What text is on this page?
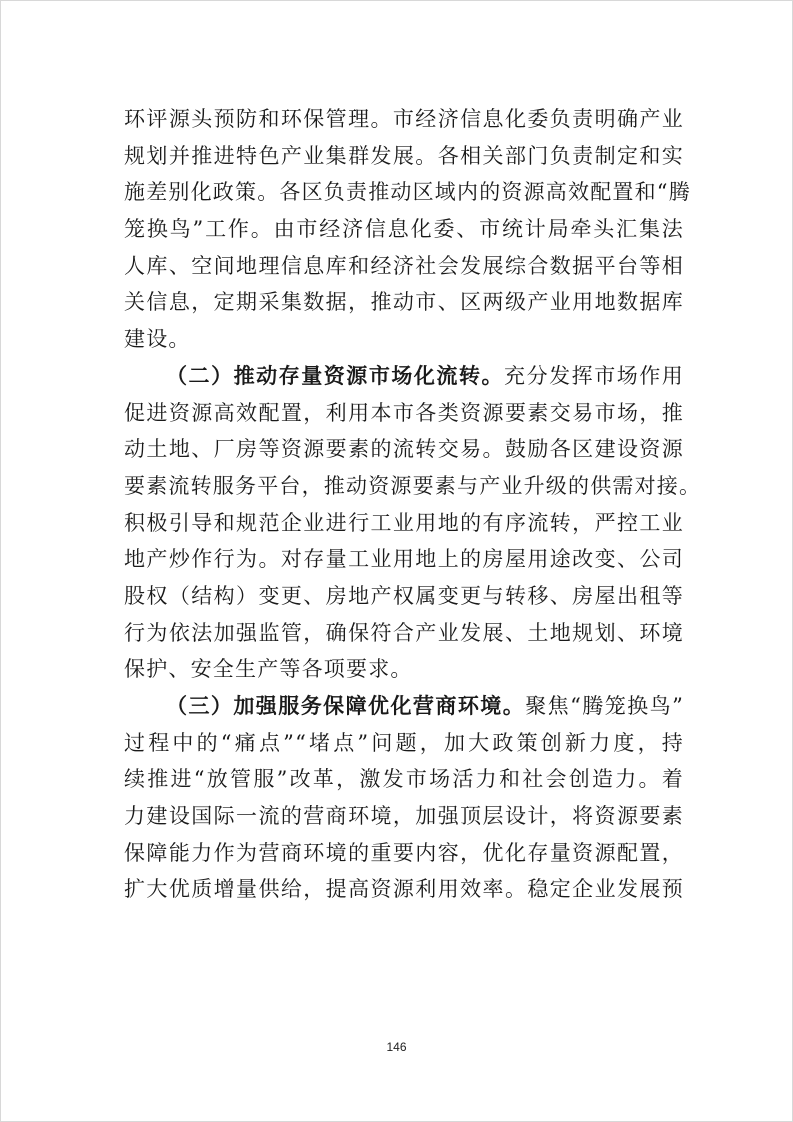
环评源头预防和环保管理。市经济信息化委负责明确产业
规划并推进特色产业集群发展。各相关部门负责制定和实
施差别化政策。各区负责推动区域内的资源高效配置和“腾
笼换鸟”工作。由市经济信息化委、市统计局牵头汇集法
人库、空间地理信息库和经济社会发展综合数据平台等相
关信息，定期采集数据，推动市、区两级产业用地数据库
建设。
（二）推动存量资源市场化流转。充分发挥市场作用
促进资源高效配置，利用本市各类资源要素交易市场，推
动土地、厂房等资源要素的流转交易。鼓励各区建设资源
要素流转服务平台，推动资源要素与产业升级的供需对接。
积极引导和规范企业进行工业用地的有序流转，严控工业
地产炒作行为。对存量工业用地上的房屋用途改变、公司
股权（结构）变更、房地产权属变更与转移、房屋出租等
行为依法加强监管，确保符合产业发展、土地规划、环境
保护、安全生产等各项要求。
（三）加强服务保障优化营商环境。聚焦“腾笼换鸟”
过程中的“痛点”“堵点”问题，加大政策创新力度，持
续推进“放管服”改革，激发市场活力和社会创造力。着
力建设国际一流的营商环境，加强顶层设计，将资源要素
保障能力作为营商环境的重要内容，优化存量资源配置，
扩大优质增量供给，提高资源利用效率。稳定企业发展预
146
